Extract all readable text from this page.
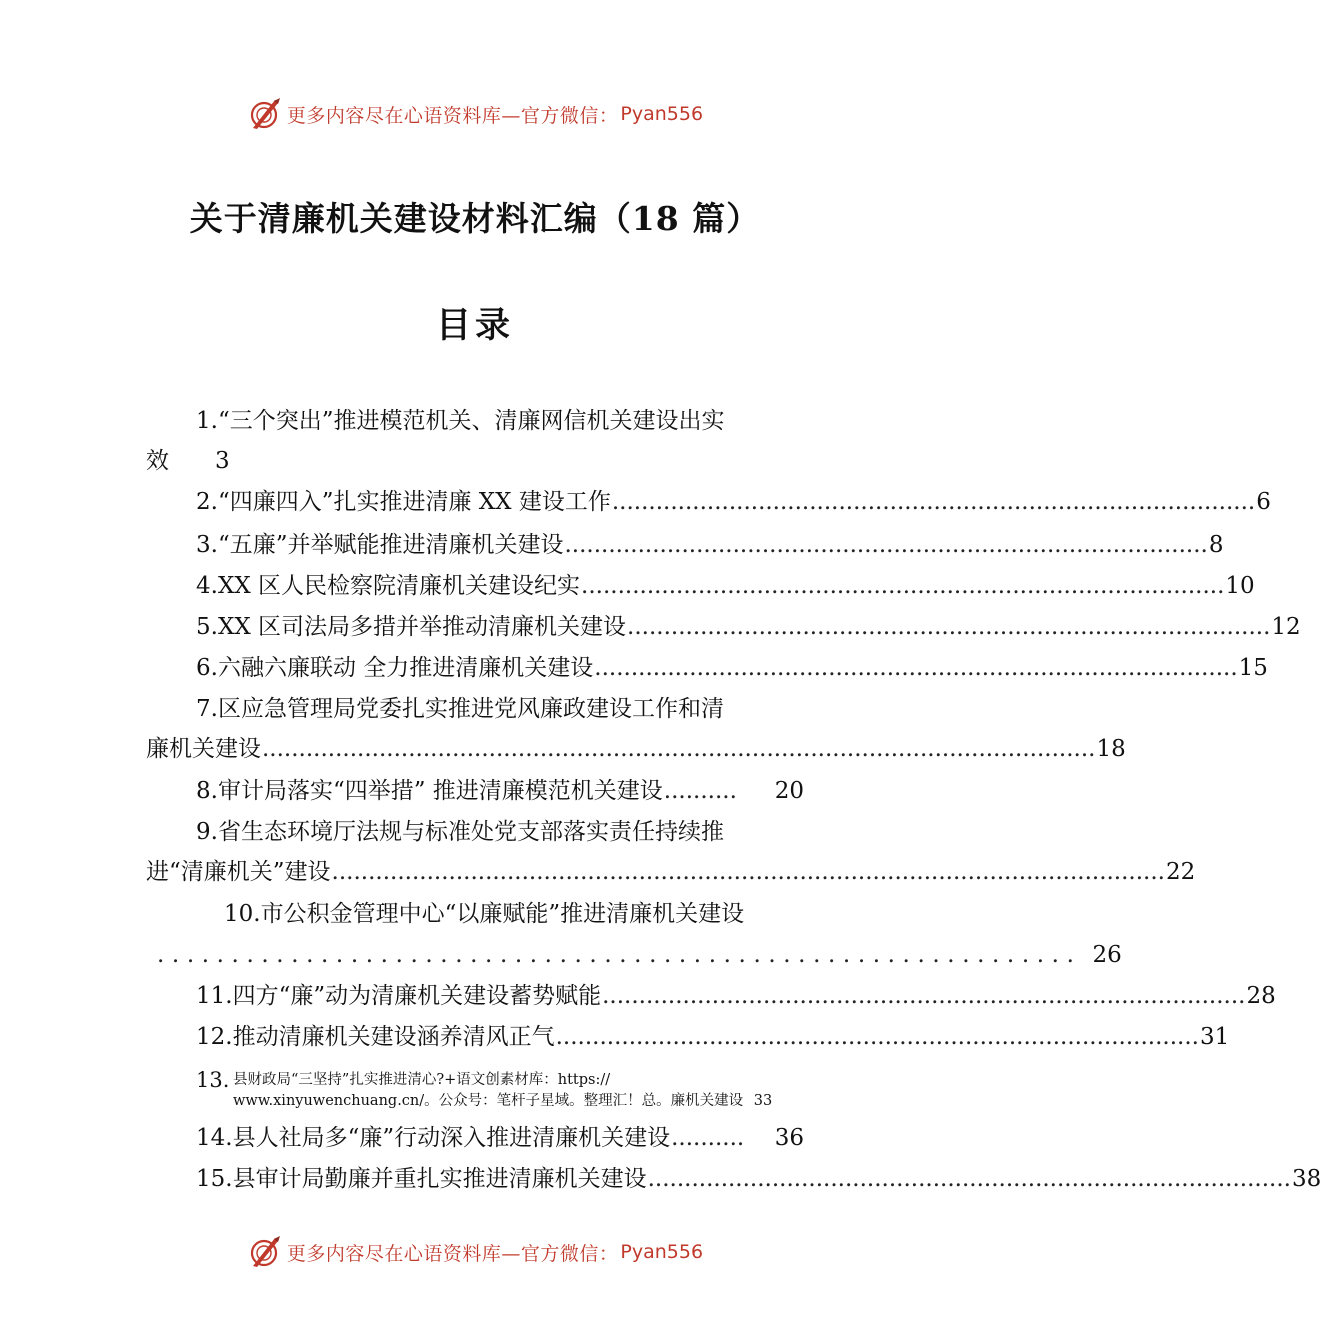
更多内容尽在心语资料库—官方微信： Pyan556
关于清廉机关建设材料汇编（18 篇）
目录
1.“三个突出”推进模范机关、清廉网信机关建设出实
效 3
2.“四廉四入”扎实推进清廉 XX 建设工作 ........................................................................................ 6
3.“五廉”并举赋能推进清廉机关建设 ........................................................................................ 8
4.XX 区人民检察院清廉机关建设纪实 ........................................................................................ 10
5.XX 区司法局多措并举推动清廉机关建设 ........................................................................................ 12
6.六融六廉联动 全力推进清廉机关建设 ........................................................................................ 15
7.区应急管理局党委扎实推进党风廉政建设工作和清
廉机关建设 .................................................................................................................. 18
8.审计局落实“四举措” 推进清廉模范机关建设 ..........	20
9.省生态环境厅法规与标准处党支部落实责任持续推
进“清廉机关”建设 .................................................................................................................. 22
10.市公积金管理中心“以廉赋能”推进清廉机关建设
.............................................................. 26
11.四方“廉”动为清廉机关建设蓄势赋能 ........................................................................................ 28
12.推动清廉机关建设涵养清风正气 ........................................................................................ 31
13. 县财政局“三坚持”扎实推进清心?+语文创素材库：https://
www.xinyuwenchuang.cn/。公众号：笔杆子星域。整理汇！总。廉机关建设 33
14.县人社局多“廉”行动深入推进清廉机关建设 ..........	36
15.县审计局勤廉并重扎实推进清廉机关建设 ........................................................................................ 38
更多内容尽在心语资料库—官方微信： Pyan556
